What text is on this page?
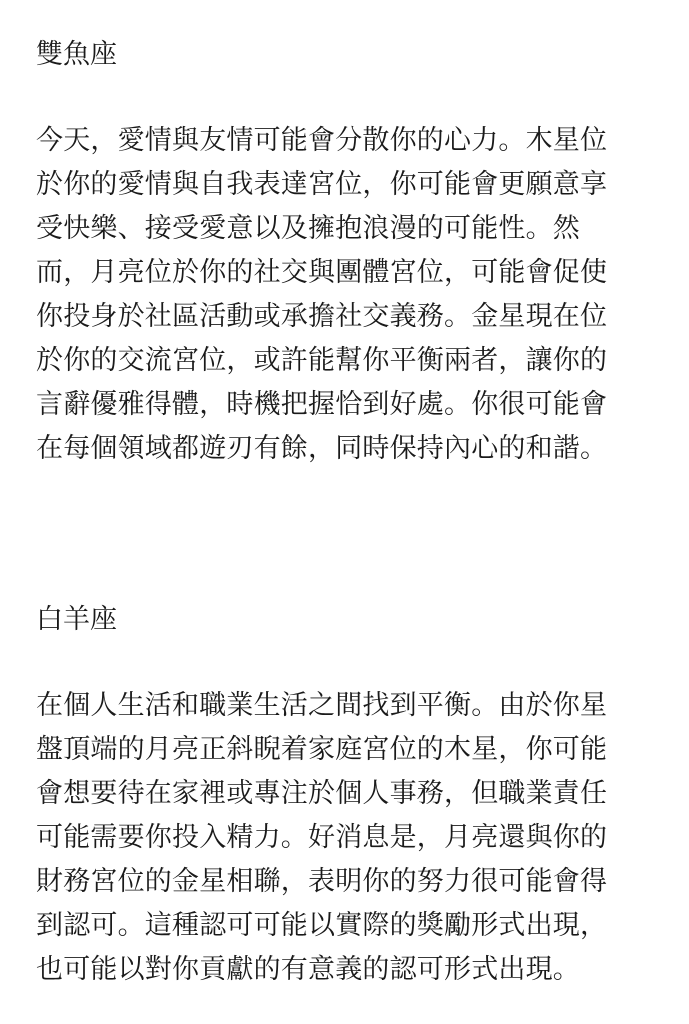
雙魚座

今天，愛情與友情可能會分散你的心力。木星位
於你的愛情與自我表達宮位，你可能會更願意享
受快樂、接受愛意以及擁抱浪漫的可能性。然
而，月亮位於你的社交與團體宮位，可能會促使
你投身於社區活動或承擔社交義務。金星現在位
於你的交流宮位，或許能幫你平衡兩者，讓你的
言辭優雅得體，時機把握恰到好處。你很可能會
在每個領域都遊刃有餘，同時保持內心的和諧。

白羊座

在個人生活和職業生活之間找到平衡。由於你星
盤頂端的月亮正斜睨着家庭宮位的木星，你可能
會想要待在家裡或專注於個人事務，但職業責任
可能需要你投入精力。好消息是，月亮還與你的
財務宮位的金星相聯，表明你的努力很可能會得
到認可。這種認可可能以實際的獎勵形式出現，
也可能以對你貢獻的有意義的認可形式出現。
